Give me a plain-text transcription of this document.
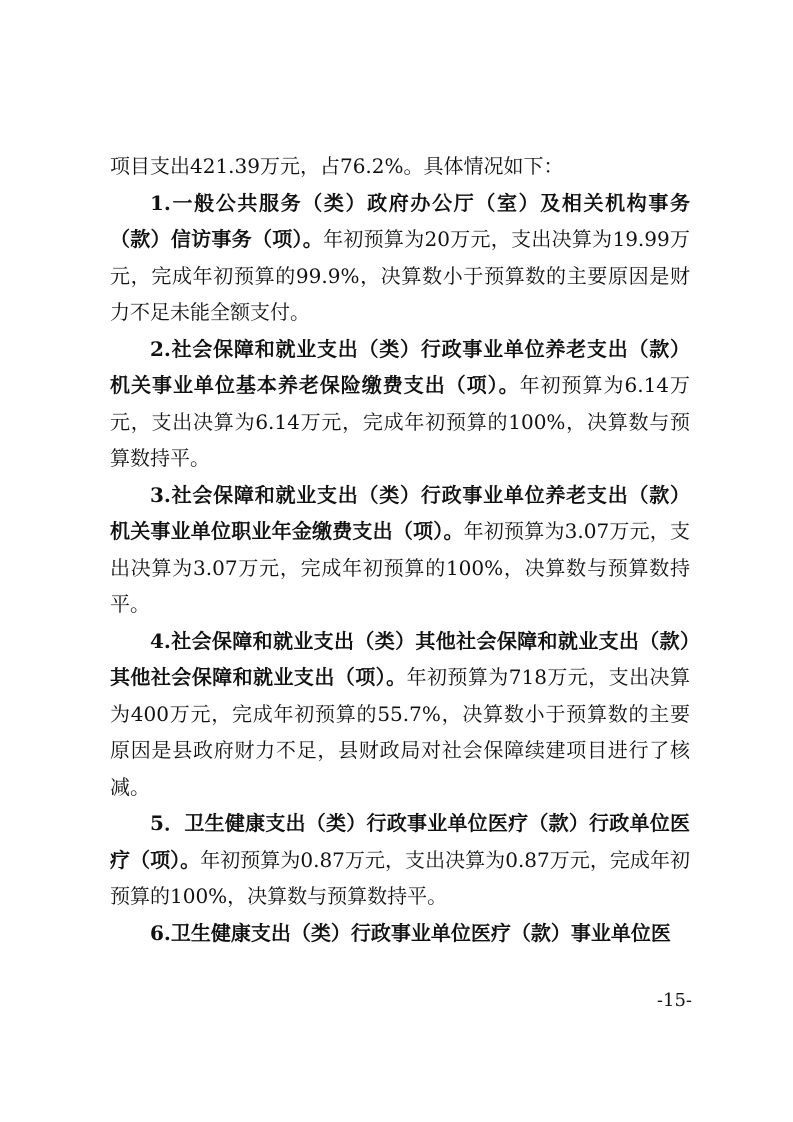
项目支出421.39万元，占76.2%。具体情况如下：

1.一般公共服务（类）政府办公厅（室）及相关机构事务（款）信访事务（项）。年初预算为20万元，支出决算为19.99万元，完成年初预算的99.9%，决算数小于预算数的主要原因是财力不足未能全额支付。

2.社会保障和就业支出（类）行政事业单位养老支出（款）机关事业单位基本养老保险缴费支出（项）。年初预算为6.14万元，支出决算为6.14万元，完成年初预算的100%，决算数与预算数持平。

3.社会保障和就业支出（类）行政事业单位养老支出（款）机关事业单位职业年金缴费支出（项）。年初预算为3.07万元，支出决算为3.07万元，完成年初预算的100%，决算数与预算数持平。

4.社会保障和就业支出（类）其他社会保障和就业支出（款）其他社会保障和就业支出（项）。年初预算为718万元，支出决算为400万元，完成年初预算的55.7%，决算数小于预算数的主要原因是县政府财力不足，县财政局对社会保障续建项目进行了核减。

5．卫生健康支出（类）行政事业单位医疗（款）行政单位医疗（项）。年初预算为0.87万元，支出决算为0.87万元，完成年初预算的100%，决算数与预算数持平。

6.卫生健康支出（类）行政事业单位医疗（款）事业单位医

-15-
